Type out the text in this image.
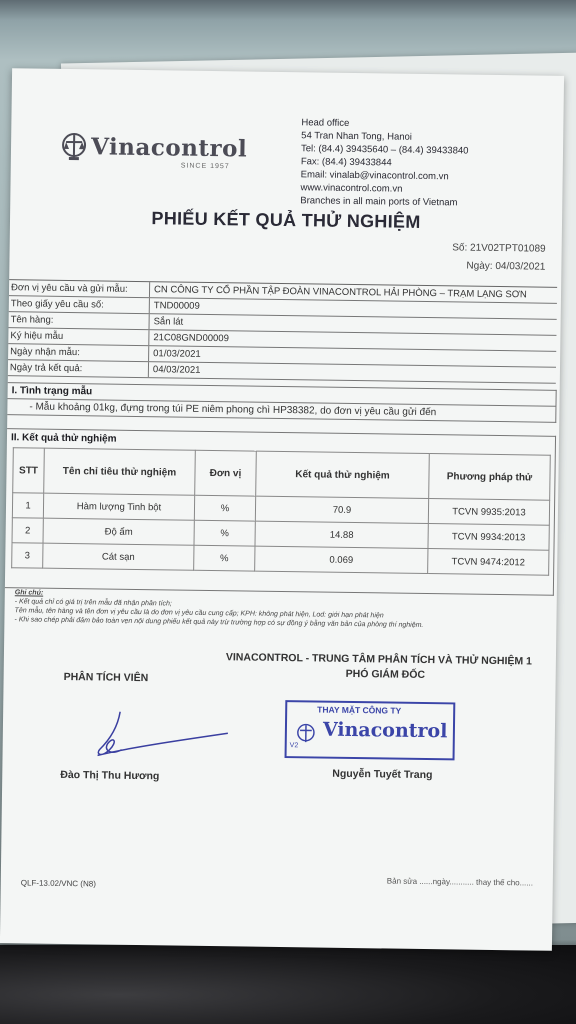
Vinacontrol
SINCE 1957
Head office
54 Tran Nhan Tong, Hanoi
Tel: (84.4) 39435640 – (84.4) 39433840
Fax: (84.4) 39433844
Email: vinalab@vinacontrol.com.vn
www.vinacontrol.com.vn
Branches in all main ports of Vietnam
PHIẾU KẾT QUẢ THỬ NGHIỆM
Số: 21V02TPT01089
Ngày: 04/03/2021
Đơn vị yêu cầu và gửi mẫu:	CN CÔNG TY CỔ PHẦN TẬP ĐOÀN VINACONTROL HẢI PHÒNG – TRẠM LẠNG SƠN
Theo giấy yêu cầu số:	TND00009
Tên hàng:	Sắn lát
Ký hiệu mẫu	21C08GND00009
Ngày nhận mẫu:	01/03/2021
Ngày trả kết quả:	04/03/2021
I. Tình trạng mẫu
- Mẫu khoảng 01kg, đựng trong túi PE niêm phong chì HP38382, do đơn vị yêu cầu gửi đến
II. Kết quả thử nghiệm
STT	Tên chỉ tiêu thử nghiệm	Đơn vị	Kết quả thử nghiệm	Phương pháp thử
1	Hàm lượng Tinh bột	%	70.9	TCVN 9935:2013
2	Độ ẩm	%	14.88	TCVN 9934:2013
3	Cát sạn	%	0.069	TCVN 9474:2012
Ghi chú:
- Kết quả chỉ có giá trị trên mẫu đã nhận phân tích;
Tên mẫu, tên hàng và tên đơn vị yêu cầu là do đơn vị yêu cầu cung cấp; KPH: không phát hiện, Lod: giới hạn phát hiện
- Khi sao chép phải đảm bảo toàn vẹn nội dung phiếu kết quả này trừ trường hợp có sự đồng ý bằng văn bản của phòng thí nghiệm.
PHÂN TÍCH VIÊN
VINACONTROL - TRUNG TÂM PHÂN TÍCH VÀ THỬ NGHIỆM 1
PHÓ GIÁM ĐỐC
THAY MẶT CÔNG TY
Vinacontrol
V2
Đào Thị Thu Hương	Nguyễn Tuyết Trang
Bản sửa ......ngày........... thay thế cho......
QLF-13.02/VNC (N8)
